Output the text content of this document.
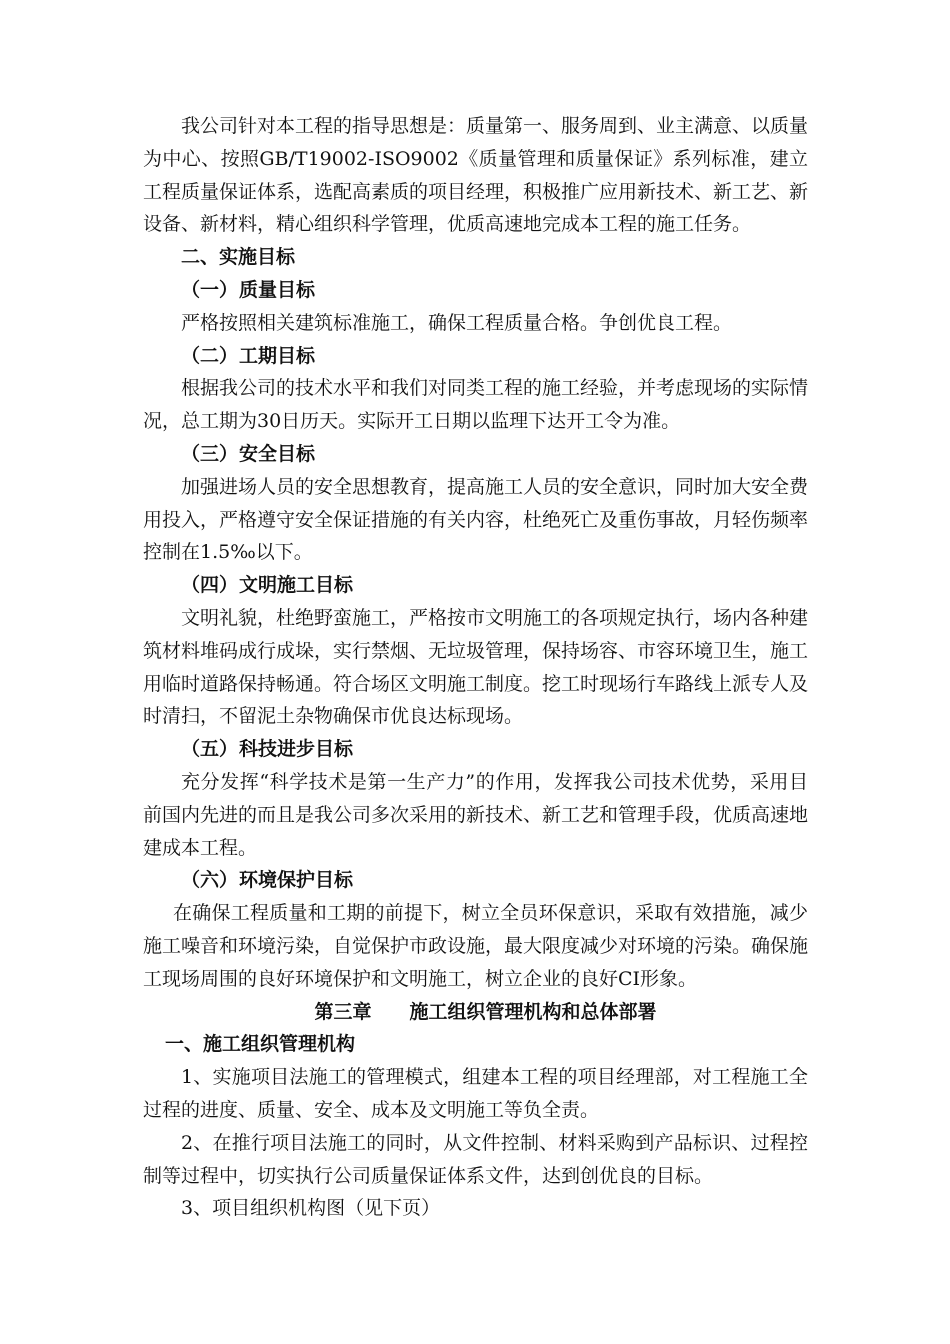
我公司针对本工程的指导思想是：质量第一、服务周到、业主满意、以质量为中心、按照GB/T19002-ISO9002《质量管理和质量保证》系列标准，建立工程质量保证体系，选配高素质的项目经理，积极推广应用新技术、新工艺、新设备、新材料，精心组织科学管理，优质高速地完成本工程的施工任务。

二、实施目标

（一）质量目标

严格按照相关建筑标准施工，确保工程质量合格。争创优良工程。

（二）工期目标

根据我公司的技术水平和我们对同类工程的施工经验，并考虑现场的实际情况，总工期为30日历天。实际开工日期以监理下达开工令为准。

（三）安全目标

加强进场人员的安全思想教育，提高施工人员的安全意识，同时加大安全费用投入，严格遵守安全保证措施的有关内容，杜绝死亡及重伤事故，月轻伤频率控制在1.5‰以下。

（四）文明施工目标

文明礼貌，杜绝野蛮施工，严格按市文明施工的各项规定执行，场内各种建筑材料堆码成行成垛，实行禁烟、无垃圾管理，保持场容、市容环境卫生，施工用临时道路保持畅通。符合场区文明施工制度。挖工时现场行车路线上派专人及时清扫，不留泥土杂物确保市优良达标现场。

（五）科技进步目标

充分发挥“科学技术是第一生产力”的作用，发挥我公司技术优势，采用目前国内先进的而且是我公司多次采用的新技术、新工艺和管理手段，优质高速地建成本工程。

（六）环境保护目标

在确保工程质量和工期的前提下，树立全员环保意识，采取有效措施，减少施工噪音和环境污染，自觉保护市政设施，最大限度减少对环境的污染。确保施工现场周围的良好环境保护和文明施工，树立企业的良好CI形象。

第三章 施工组织管理机构和总体部署

一、施工组织管理机构

1、实施项目法施工的管理模式，组建本工程的项目经理部，对工程施工全过程的进度、质量、安全、成本及文明施工等负全责。

2、在推行项目法施工的同时，从文件控制、材料采购到产品标识、过程控制等过程中，切实执行公司质量保证体系文件，达到创优良的目标。

3、项目组织机构图（见下页）
